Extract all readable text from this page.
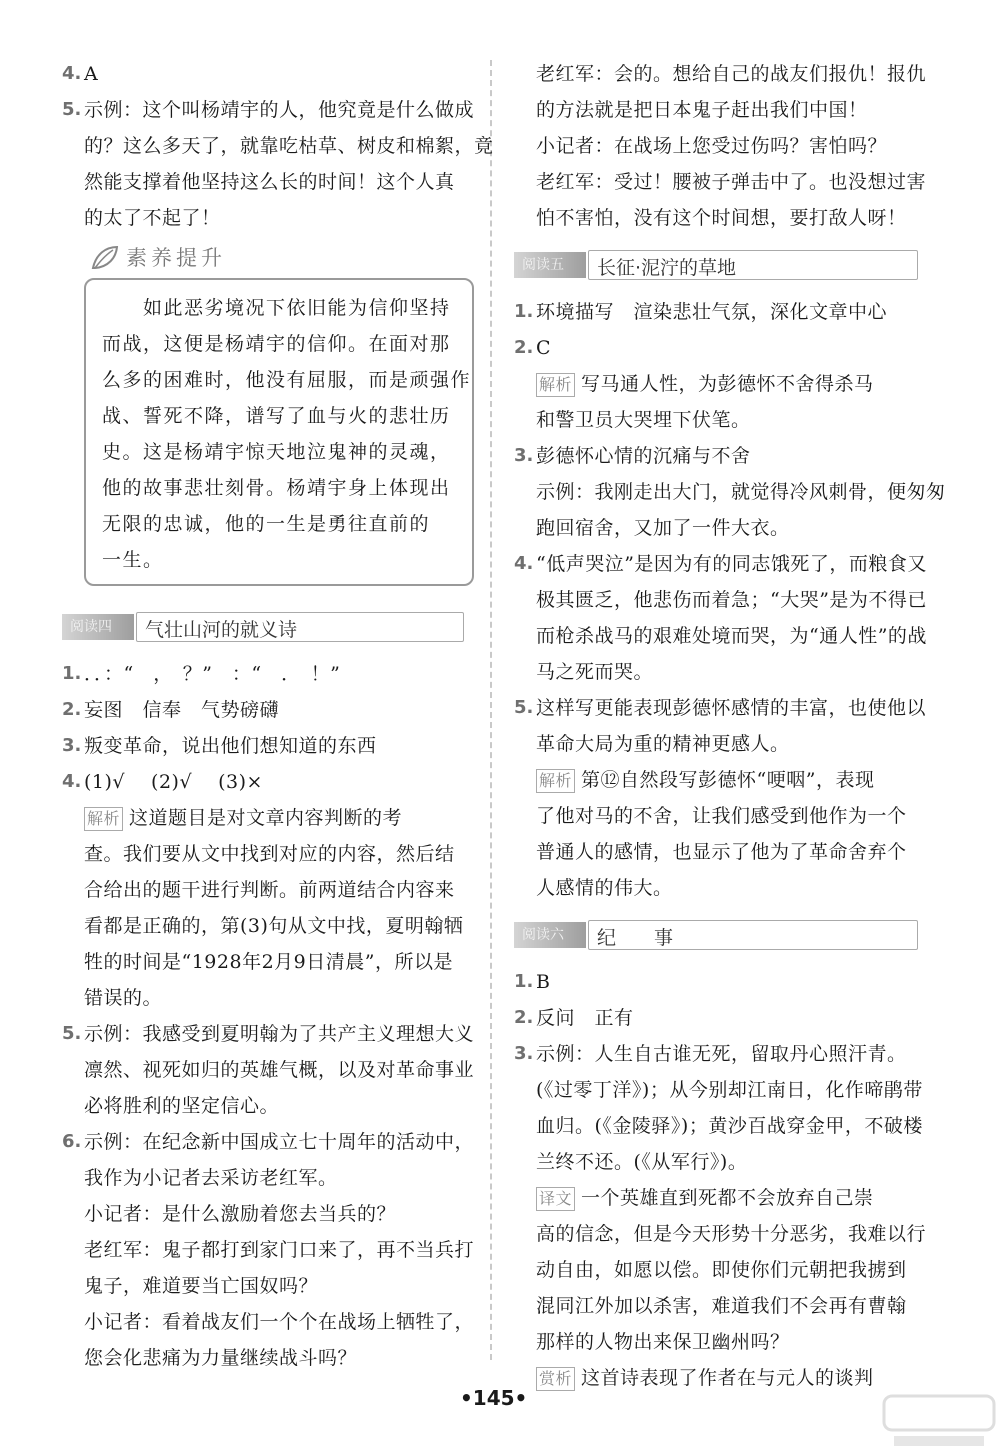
4. A
5. 示例：这个叫杨靖宇的人，他究竟是什么做成
的？这么多天了，就靠吃枯草、树皮和棉絮，竟
然能支撑着他坚持这么长的时间！这个人真
的太了不起了！
素养提升
　　如此恶劣境况下依旧能为信仰坚持
而战，这便是杨靖宇的信仰。在面对那
么多的困难时，他没有屈服，而是顽强作
战、誓死不降，谱写了血与火的悲壮历
史。这是杨靖宇惊天地泣鬼神的灵魂，
他的故事悲壮刻骨。杨靖宇身上体现出
无限的忠诚，他的一生是勇往直前的
一生。
阅读四 气壮山河的就义诗
1. ．．：“　，　？”　：“　．　！”
2. 妄图　信奉　气势磅礴
3. 叛变革命，说出他们想知道的东西
4. (1)√　 (2)√　 (3)×
解析 这道题目是对文章内容判断的考
查。我们要从文中找到对应的内容，然后结
合给出的题干进行判断。前两道结合内容来
看都是正确的，第(3)句从文中找，夏明翰牺
牲的时间是“1928年2月9日清晨”，所以是
错误的。
5. 示例：我感受到夏明翰为了共产主义理想大义
凛然、视死如归的英雄气概，以及对革命事业
必将胜利的坚定信心。
6. 示例：在纪念新中国成立七十周年的活动中，
我作为小记者去采访老红军。
小记者：是什么激励着您去当兵的？
老红军：鬼子都打到家门口来了，再不当兵打
鬼子，难道要当亡国奴吗？
小记者：看着战友们一个个在战场上牺牲了，
您会化悲痛为力量继续战斗吗？
老红军：会的。想给自己的战友们报仇！报仇
的方法就是把日本鬼子赶出我们中国！
小记者：在战场上您受过伤吗？害怕吗？
老红军：受过！腰被子弹击中了。也没想过害
怕不害怕，没有这个时间想，要打敌人呀！
阅读五 长征·泥泞的草地
1. 环境描写　渲染悲壮气氛，深化文章中心
2. C
解析 写马通人性，为彭德怀不舍得杀马
和警卫员大哭埋下伏笔。
3. 彭德怀心情的沉痛与不舍
示例：我刚走出大门，就觉得冷风刺骨，便匆匆
跑回宿舍，又加了一件大衣。
4. “低声哭泣”是因为有的同志饿死了，而粮食又
极其匮乏，他悲伤而着急；“大哭”是为不得已
而枪杀战马的艰难处境而哭，为“通人性”的战
马之死而哭。
5. 这样写更能表现彭德怀感情的丰富，也使他以
革命大局为重的精神更感人。
解析 第⑫自然段写彭德怀“哽咽”，表现
了他对马的不舍，让我们感受到他作为一个
普通人的感情，也显示了他为了革命舍弃个
人感情的伟大。
阅读六 纪　　事
1. B
2. 反问　正有
3. 示例：人生自古谁无死，留取丹心照汗青。
(《过零丁洋》)；从今别却江南日，化作啼鹃带
血归。(《金陵驿》)；黄沙百战穿金甲，不破楼
兰终不还。(《从军行》)。
译文 一个英雄直到死都不会放弃自己崇
高的信念，但是今天形势十分恶劣，我难以行
动自由，如愿以偿。即使你们元朝把我掳到
混同江外加以杀害，难道我们不会再有曹翰
那样的人物出来保卫幽州吗？
赏析 这首诗表现了作者在与元人的谈判
•145•
